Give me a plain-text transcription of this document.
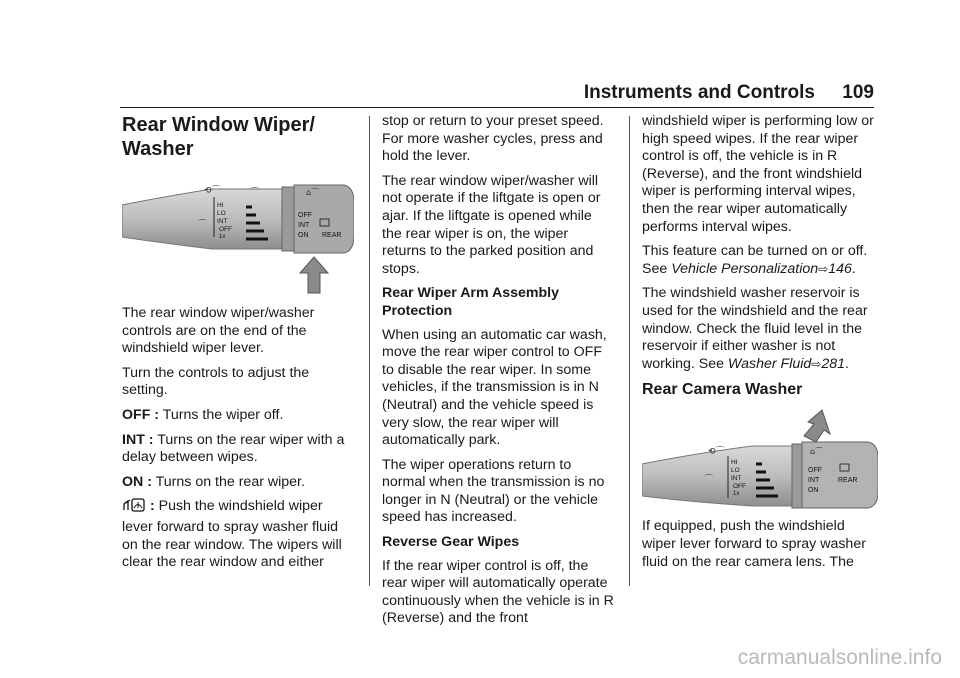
Instruments and Controls 109
Rear Window Wiper/ Washer
⟲⌒	⌒
⌒
⌂⌒
HI
LO
INT
OFF
1x
OFF
INT
ON REAR

The rear window wiper/washer controls are on the end of the windshield wiper lever.

Turn the controls to adjust the setting.

OFF : Turns the wiper off.

INT : Turns on the rear wiper with a delay between wipes.

ON : Turns on the rear wiper.

: Push the windshield wiper lever forward to spray washer fluid on the rear window. The wipers will clear the rear window and either

stop or return to your preset speed. For more washer cycles, press and hold the lever.

The rear window wiper/washer will not operate if the liftgate is open or ajar. If the liftgate is opened while the rear wiper is on, the wiper returns to the parked position and stops.

Rear Wiper Arm Assembly Protection

When using an automatic car wash, move the rear wiper control to OFF to disable the rear wiper. In some vehicles, if the transmission is in N (Neutral) and the vehicle speed is very slow, the rear wiper will automatically park.

The wiper operations return to normal when the transmission is no longer in N (Neutral) or the vehicle speed has increased.

Reverse Gear Wipes

If the rear wiper control is off, the rear wiper will automatically operate continuously when the vehicle is in R (Reverse) and the front

windshield wiper is performing low or high speed wipes. If the rear wiper control is off, the vehicle is in R (Reverse), and the front windshield wiper is performing interval wipes, then the rear wiper automatically performs interval wipes.

This feature can be turned on or off. See Vehicle Personalization⇨146.

The windshield washer reservoir is used for the windshield and the rear window. Check the fluid level in the reservoir if either washer is not working. See Washer Fluid⇨281.

Rear Camera Washer
⟲⌒
⌒
⌂⌒
HI
LO
INT
OFF
1x
OFF
INT
ON
REAR

If equipped, push the windshield wiper lever forward to spray washer fluid on the rear camera lens. The

carmanualsonline.info
